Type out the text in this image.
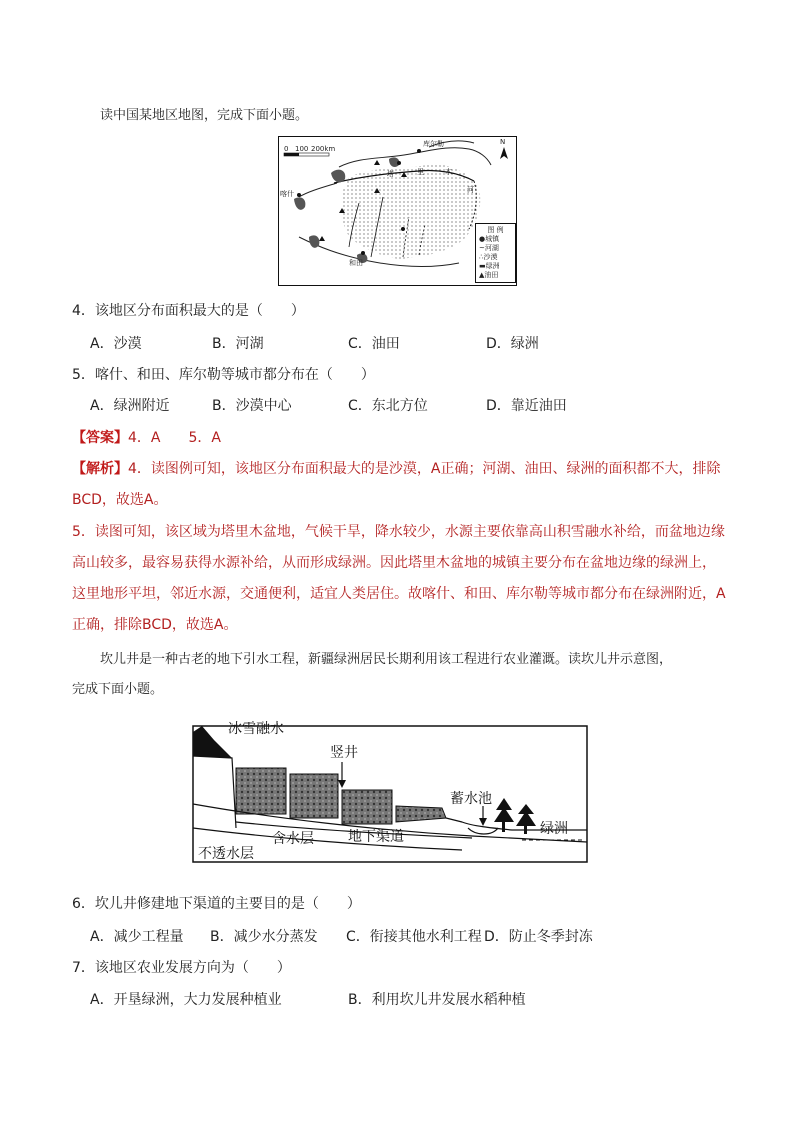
读中国某地区地图，完成下面小题。
0 100 200km
N
库尔勒
喀什
和田
塔	里	木
河
图 例
●城镇
~河湖
∴沙漠
▬绿洲
▲油田
4．该地区分布面积最大的是（　　）
A．沙漠	B．河湖	C．油田	D．绿洲
5．喀什、和田、库尔勒等城市都分布在（　　）
A．绿洲附近	B．沙漠中心	C．东北方位	D．靠近油田
【答案】4．A　　5．A
【解析】4．读图例可知，该地区分布面积最大的是沙漠，A正确；河湖、油田、绿洲的面积都不大，排除
BCD，故选A。
5．读图可知，该区域为塔里木盆地，气候干旱，降水较少，水源主要依靠高山积雪融水补给，而盆地边缘
高山较多，最容易获得水源补给，从而形成绿洲。因此塔里木盆地的城镇主要分布在盆地边缘的绿洲上，
这里地形平坦，邻近水源，交通便利，适宜人类居住。故喀什、和田、库尔勒等城市都分布在绿洲附近，A
正确，排除BCD，故选A。
坎儿井是一种古老的地下引水工程，新疆绿洲居民长期利用该工程进行农业灌溉。读坎儿井示意图，
完成下面小题。
冰雪融水
竖井
蓄水池
绿洲
地下渠道
含水层
不透水层
6．坎儿井修建地下渠道的主要目的是（　　）
A．减少工程量 B．减少水分蒸发 C．衔接其他水利工程 D．防止冬季封冻
7．该地区农业发展方向为（　　）
A．开垦绿洲，大力发展种植业	B．利用坎儿井发展水稻种植
